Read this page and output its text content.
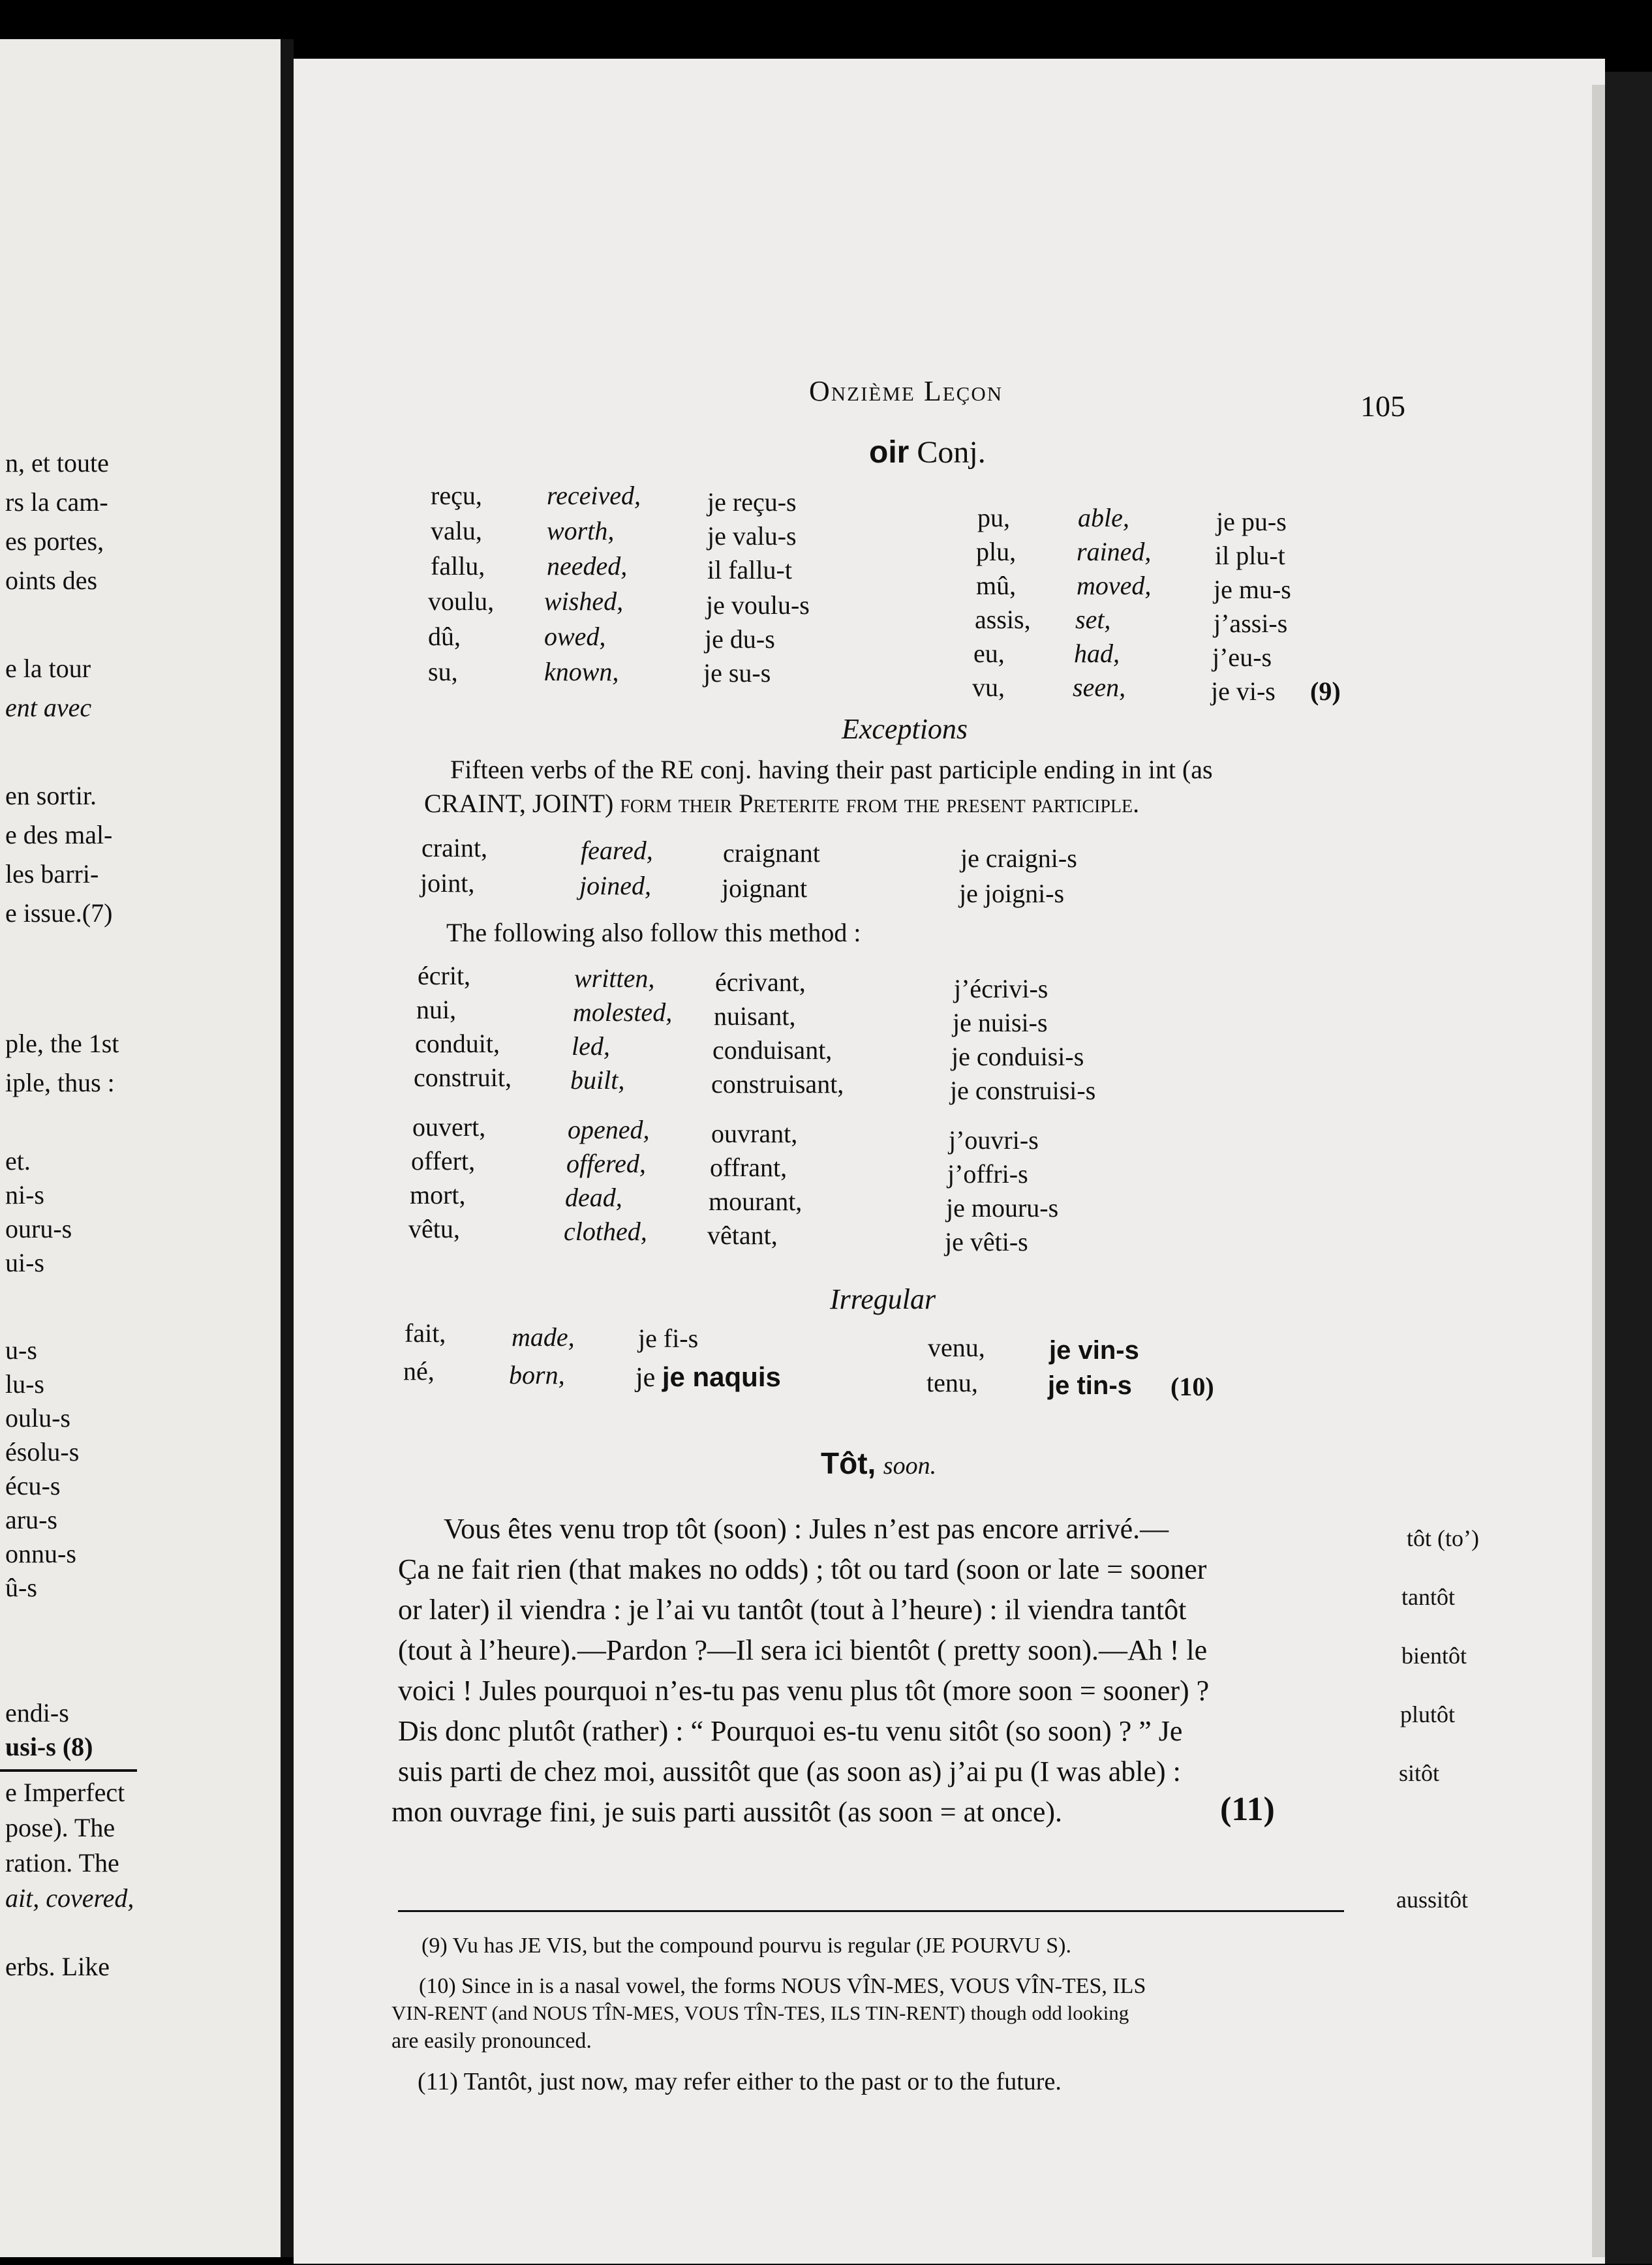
n, et toute
rs la cam-
es portes,
oints des
e la tour
ent avec
en sortir.
e des mal-
les barri-
e issue.(7)
ple, the 1st
iple, thus :
et.
ni-s
ouru-s
ui-s
u-s
lu-s
oulu-s
ésolu-s
écu-s
aru-s
onnu-s
û-s
endi-s
usi-s (8)
e Imperfect
pose). The
ration. The
ait, covered,
erbs. Like
Onzième Leçon	105
oir Conj.
reçu, received,	je reçu-s
valu, worth,	je valu-s
fallu, needed,	il fallu-t
voulu, wished,	je voulu-s
dû,	owed,	je du-s
su,	known,	je su-s
pu,	able,	je pu-s
plu, rained, il plu-t
mû, moved, je mu-s
assis, set,	j’assi-s
eu,	had,	j’eu-s
vu,	seen,	je vi-s (9)
Exceptions
Fifteen verbs of the RE conj. having their past participle ending in int (as
CRAINT, JOINT) form their Preterite from the present participle.
craint,	feared,	craignant	je craigni-s
joint,	joined,	joignant	je joigni-s
The following also follow this method :
écrit,	written, écrivant,	j’écrivi-s
nui,	molested, nuisant,	je nuisi-s
conduit,	led,	conduisant,	je conduisi-s
construit, built,	construisant,	je construisi-s
ouvert,	opened, ouvrant,	j’ouvri-s
offert,	offered, offrant,	j’offri-s
mort,	dead,	mourant,	je mouru-s
vêtu,	clothed, vêtant,	je vêti-s
Irregular
fait,	made, je fi-s
né,	born,	je je naquis
venu, je vin-s
tenu,	je tin-s (10)
Tôt, soon.
Vous êtes venu trop tôt (soon) : Jules n’est pas encore arrivé.—
Ça ne fait rien (that makes no odds) ; tôt ou tard (soon or late = sooner
or later) il viendra : je l’ai vu tantôt (tout à l’heure) : il viendra tantôt
(tout à l’heure).—Pardon ?—Il sera ici bientôt ( pretty soon).—Ah ! le
voici ! Jules pourquoi n’es-tu pas venu plus tôt (more soon = sooner) ?
Dis donc plutôt (rather) : “ Pourquoi es-tu venu sitôt (so soon) ? ” Je
suis parti de chez moi, aussitôt que (as soon as) j’ai pu (I was able) :
mon ouvrage fini, je suis parti aussitôt (as soon = at once).	(11)
tôt (to’)
tantôt
bientôt
plutôt
sitôt
aussitôt
(9) Vu has JE VIS, but the compound pourvu is regular (JE POURVU S).
(10) Since in is a nasal vowel, the forms NOUS VÎN-MES, VOUS VÎN-TES, ILS
VIN-RENT (and NOUS TÎN-MES, VOUS TÎN-TES, ILS TIN-RENT) though odd looking
are easily pronounced.
(11) Tantôt, just now, may refer either to the past or to the future.
